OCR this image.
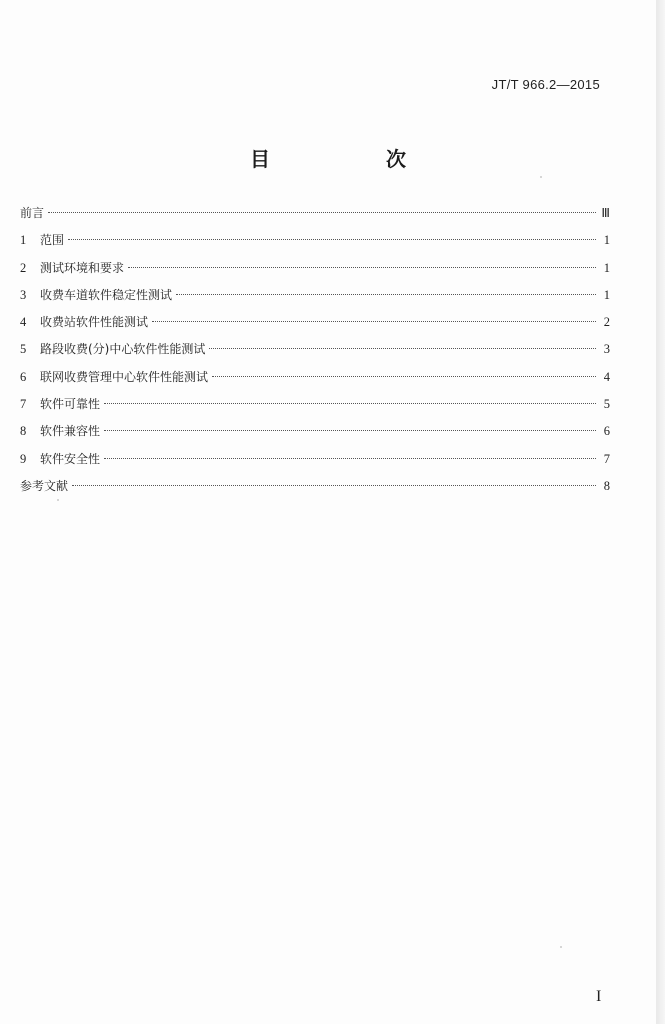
JT/T 966.2—2015
目　次
前言	Ⅲ
1	范围	1
2	测试环境和要求	1
3	收费车道软件稳定性测试	1
4	收费站软件性能测试	2
5	路段收费(分)中心软件性能测试	3
6	联网收费管理中心软件性能测试	4
7	软件可靠性	5
8	软件兼容性	6
9	软件安全性	7
参考文献	8
I
